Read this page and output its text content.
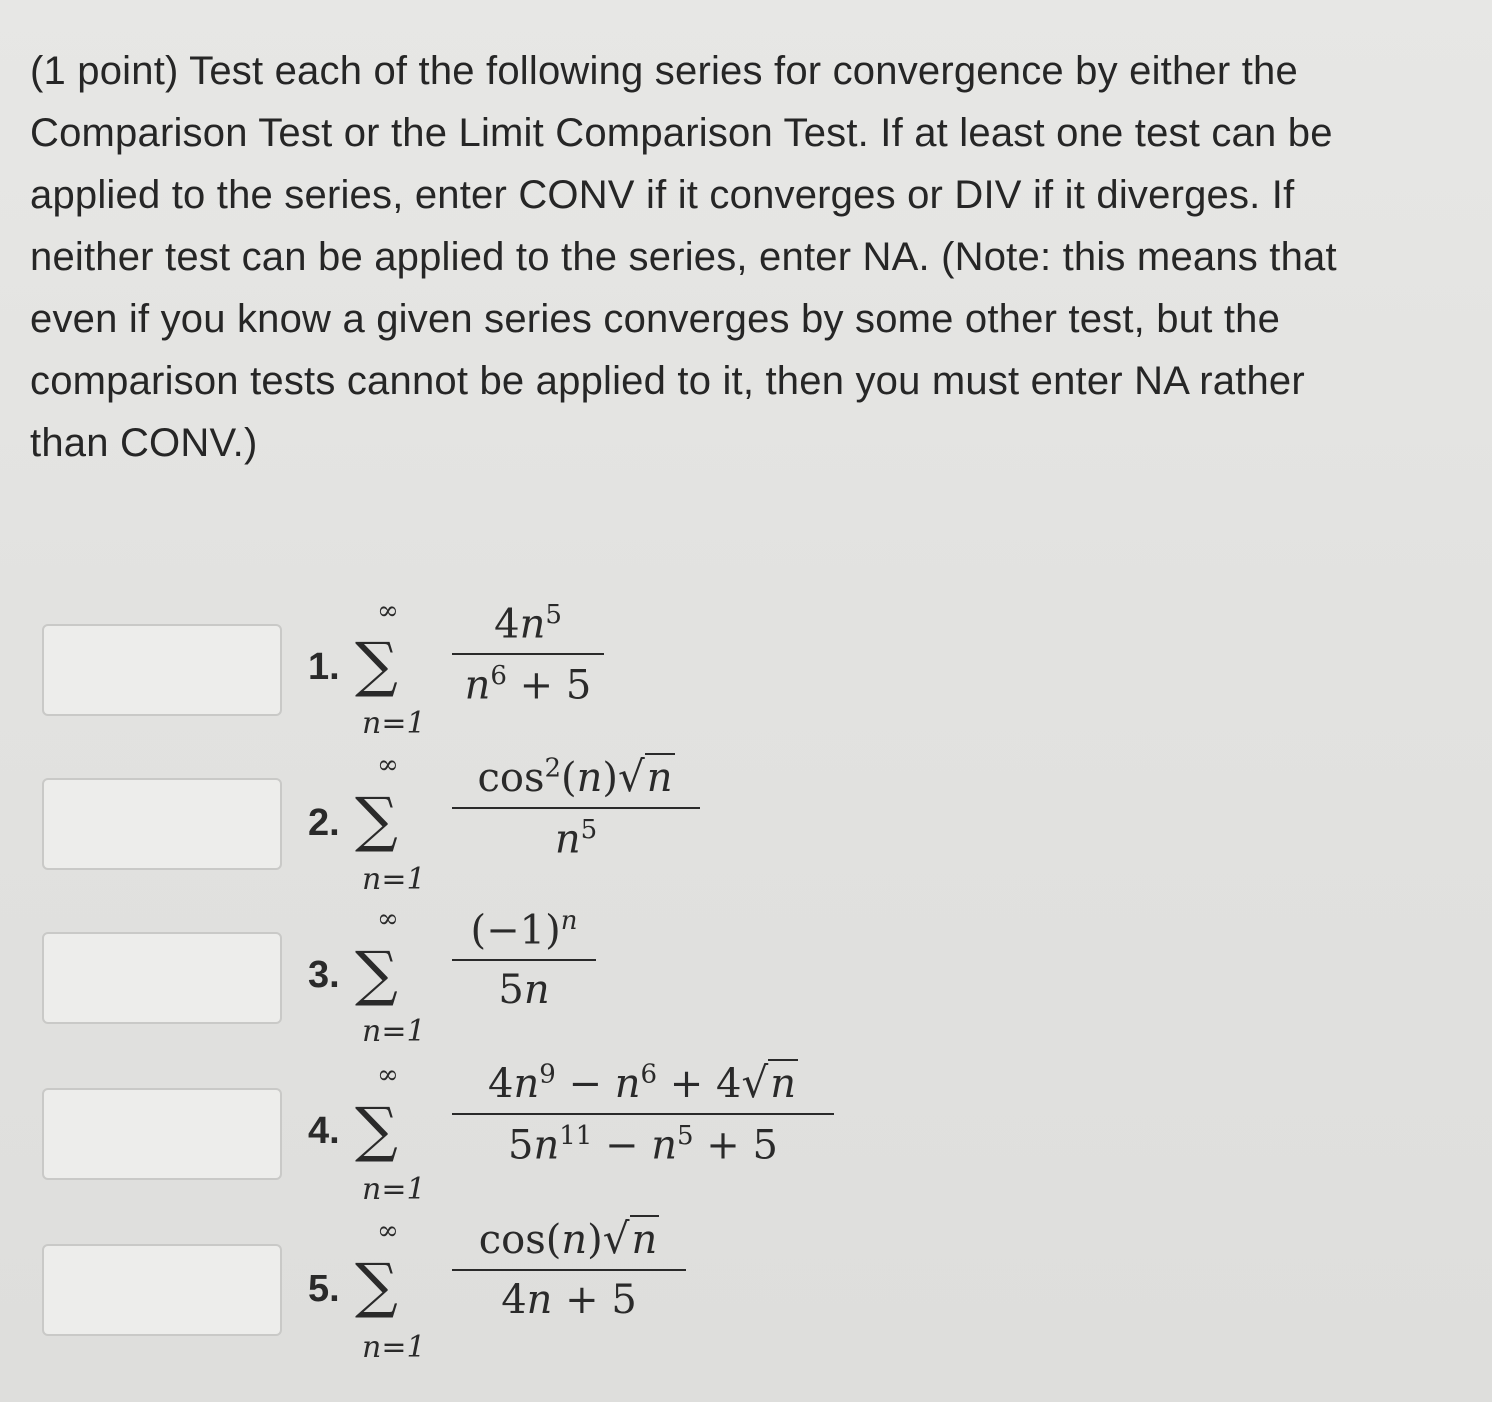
(1 point) Test each of the following series for convergence by either the
Comparison Test or the Limit Comparison Test. If at least one test can be
applied to the series, enter CONV if it converges or DIV if it diverges. If
neither test can be applied to the series, enter NA. (Note: this means that
even if you know a given series converges by some other test, but the
comparison tests cannot be applied to it, then you must enter NA rather
than CONV.)
1.
∞
∑
n=1
$4n^5$
$n^6 + 5$
2.
∞
∑
n=1
$\cos^2(n)√n$
$n^5$
3.
∞
∑
n=1
$(-1)^n$
5n
4.
∞
∑
n=1
$4n^9 - n^6 + 4√n$
$5n^{11} - n^5 + 5$
5.
∞
∑
n=1
cos(n)√n
4n + 5
